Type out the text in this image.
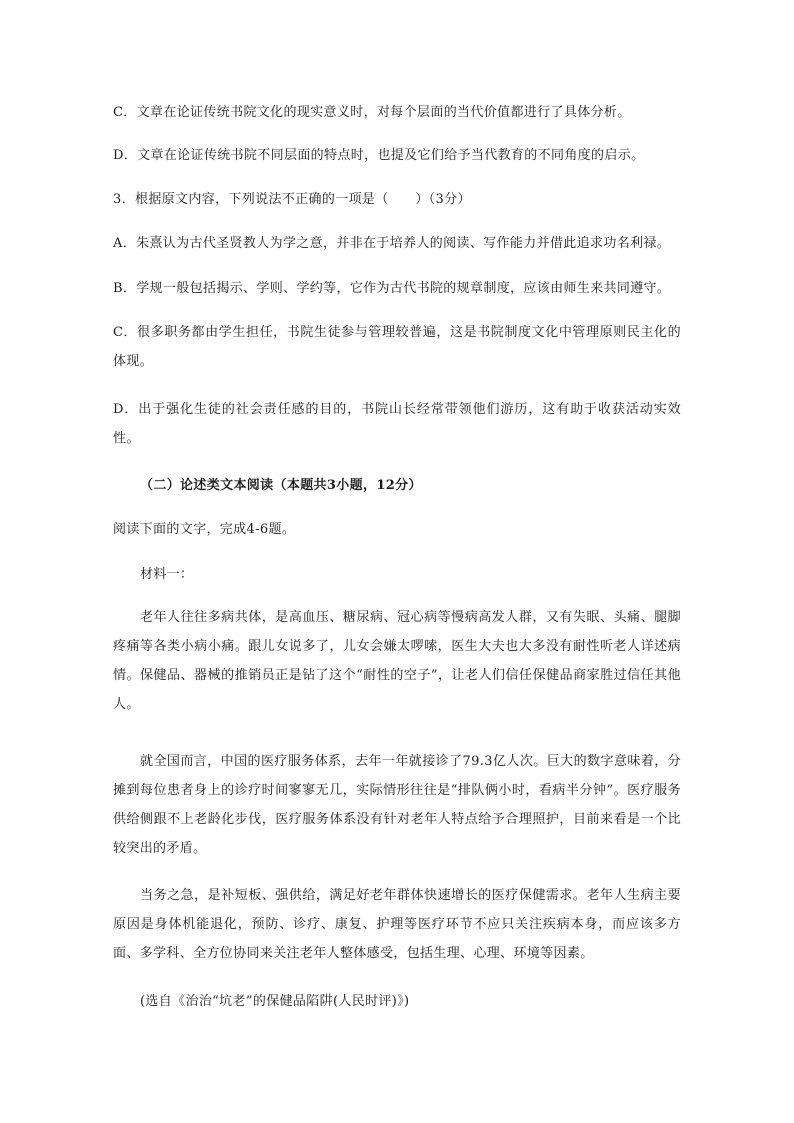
C．文章在论证传统书院文化的现实意义时，对每个层面的当代价值都进行了具体分析。

D．文章在论证传统书院不同层面的特点时，也提及它们给予当代教育的不同角度的启示。

3．根据原文内容，下列说法不正确的一项是（　　）（3分）

A．朱熹认为古代圣贤教人为学之意，并非在于培养人的阅读、写作能力并借此追求功名利禄。

B．学规一般包括揭示、学则、学约等，它作为古代书院的规章制度，应该由师生来共同遵守。

C．很多职务都由学生担任，书院生徒参与管理较普遍，这是书院制度文化中管理原则民主化的体现。

D．出于强化生徒的社会责任感的目的，书院山长经常带领他们游历，这有助于收获活动实效性。

（二）论述类文本阅读（本题共3小题，12分）

阅读下面的文字，完成4-6题。

材料一：

老年人往往多病共体，是高血压、糖尿病、冠心病等慢病高发人群，又有失眠、头痛、腿脚疼痛等各类小病小痛。跟儿女说多了，儿女会嫌太啰嗦，医生大夫也大多没有耐性听老人详述病情。保健品、器械的推销员正是钻了这个“耐性的空子”，让老人们信任保健品商家胜过信任其他人。

就全国而言，中国的医疗服务体系，去年一年就接诊了79.3亿人次。巨大的数字意味着，分摊到每位患者身上的诊疗时间寥寥无几，实际情形往往是“排队俩小时，看病半分钟”。医疗服务供给侧跟不上老龄化步伐，医疗服务体系没有针对老年人特点给予合理照护，目前来看是一个比较突出的矛盾。

当务之急，是补短板、强供给，满足好老年群体快速增长的医疗保健需求。老年人生病主要原因是身体机能退化，预防、诊疗、康复、护理等医疗环节不应只关注疾病本身，而应该多方面、多学科、全方位协同来关注老年人整体感受，包括生理、心理、环境等因素。

(选自《治治“坑老”的保健品陷阱(人民时评)》)
